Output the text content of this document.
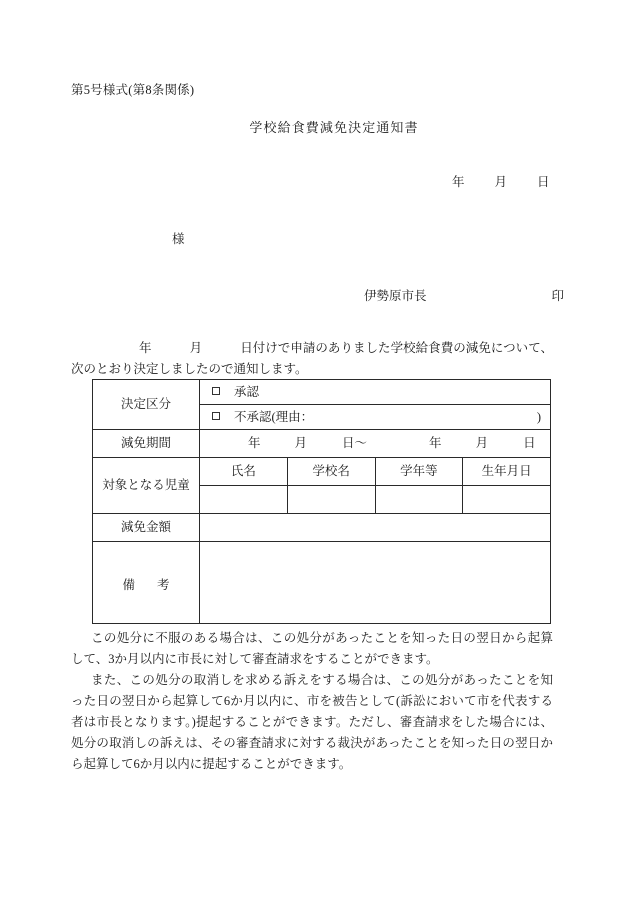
第5号様式(第8条関係)
学校給食費減免決定通知書
年 月 日
様
伊勢原市長	印
年	月	日付けで申請のありました学校給食費の減免について、次のとおり決定しましたので通知します。
決定区分	承認			
	不承認(理由： )			

減免期間	年 月 日〜 年 月 日			
対象となる児童	氏名	学校名	学年等	生年月日

減免金額				

備 考				

この処分に不服のある場合は、この処分があったことを知った日の翌日から起算して、3か月以内に市長に対して審査請求をすることができます。
また、この処分の取消しを求める訴えをする場合は、この処分があったことを知った日の翌日から起算して6か月以内に、市を被告として(訴訟において市を代表する者は市長となります。)提起することができます。ただし、審査請求をした場合には、処分の取消しの訴えは、その審査請求に対する裁決があったことを知った日の翌日から起算して6か月以内に提起することができます。
